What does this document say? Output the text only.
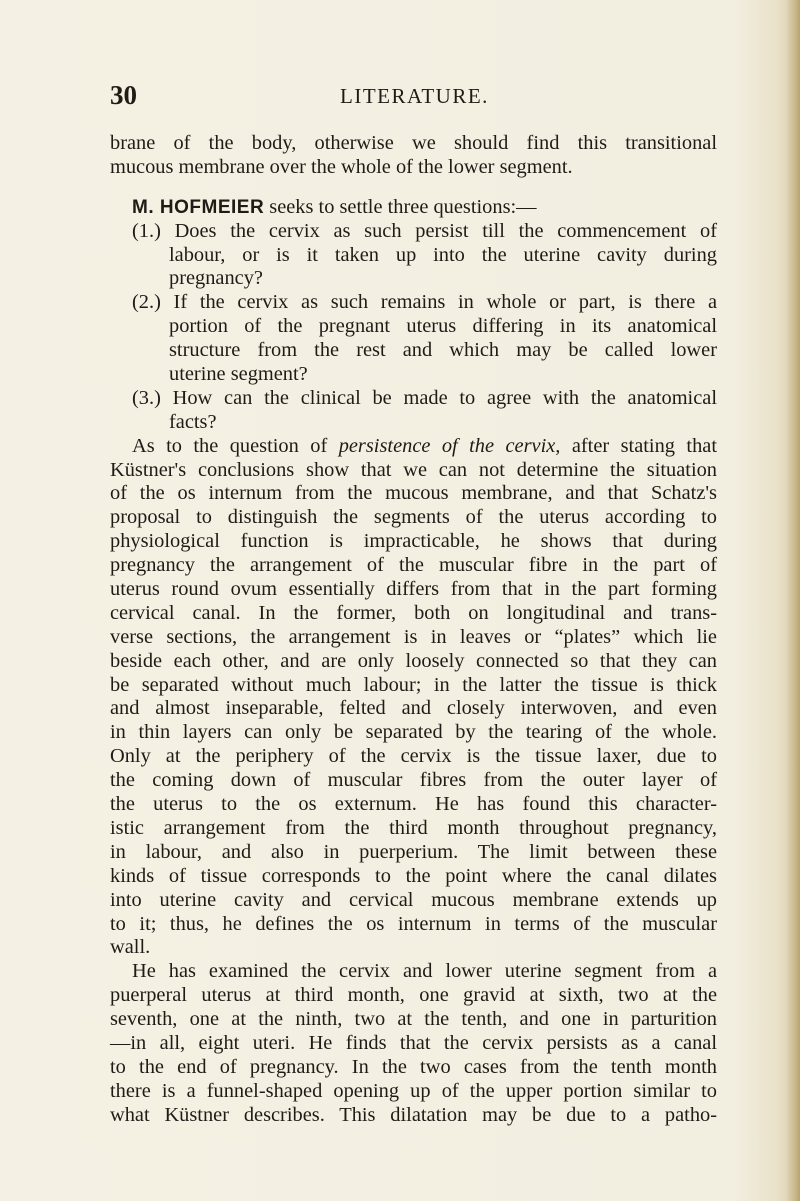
30	LITERATURE.
brane of the body, otherwise we should find this transitional
mucous membrane over the whole of the lower segment.
M. HOFMEIER seeks to settle three questions:—
(1.) Does the cervix as such persist till the commencement of
labour, or is it taken up into the uterine cavity during
pregnancy?
(2.) If the cervix as such remains in whole or part, is there a
portion of the pregnant uterus differing in its anatomical
structure from the rest and which may be called lower
uterine segment?
(3.) How can the clinical be made to agree with the anatomical
facts?
As to the question of persistence of the cervix, after stating that
Küstner's conclusions show that we can not determine the situation
of the os internum from the mucous membrane, and that Schatz's
proposal to distinguish the segments of the uterus according to
physiological function is impracticable, he shows that during
pregnancy the arrangement of the muscular fibre in the part of
uterus round ovum essentially differs from that in the part forming
cervical canal. In the former, both on longitudinal and trans-
verse sections, the arrangement is in leaves or “plates” which lie
beside each other, and are only loosely connected so that they can
be separated without much labour; in the latter the tissue is thick
and almost inseparable, felted and closely interwoven, and even
in thin layers can only be separated by the tearing of the whole.
Only at the periphery of the cervix is the tissue laxer, due to
the coming down of muscular fibres from the outer layer of
the uterus to the os externum. He has found this character-
istic arrangement from the third month throughout pregnancy,
in labour, and also in puerperium. The limit between these
kinds of tissue corresponds to the point where the canal dilates
into uterine cavity and cervical mucous membrane extends up
to it; thus, he defines the os internum in terms of the muscular
wall.
He has examined the cervix and lower uterine segment from a
puerperal uterus at third month, one gravid at sixth, two at the
seventh, one at the ninth, two at the tenth, and one in parturition
—in all, eight uteri. He finds that the cervix persists as a canal
to the end of pregnancy. In the two cases from the tenth month
there is a funnel-shaped opening up of the upper portion similar to
what Küstner describes. This dilatation may be due to a patho-
